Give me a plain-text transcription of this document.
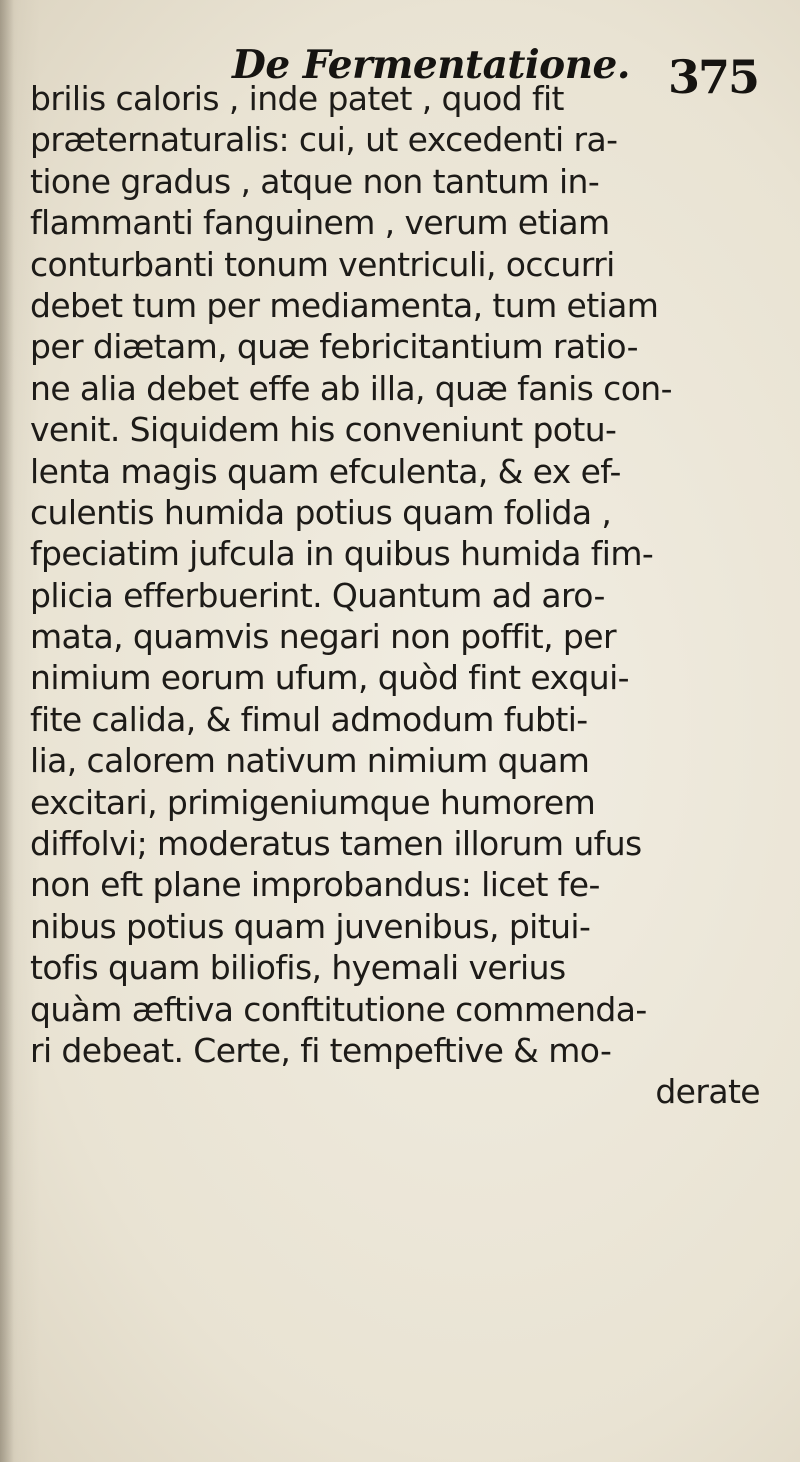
De Fermentatione. 375
brilis caloris , inde patet , quod fit
præternaturalis: cui, ut excedenti ra-
tione gradus , atque non tantum in-
flammanti fanguinem , verum etiam
conturbanti tonum ventriculi, occurri
debet tum per mediamenta, tum etiam
per diætam, quæ febricitantium ratio-
ne alia debet effe ab illa, quæ fanis con-
venit. Siquidem his conveniunt potu-
lenta magis quam efculenta, & ex ef-
culentis humida potius quam folida ,
fpeciatim jufcula in quibus humida fim-
plicia efferbuerint. Quantum ad aro-
mata, quamvis negari non poffit, per
nimium eorum ufum, quòd fint exqui-
fite calida, & fimul admodum fubti-
lia, calorem nativum nimium quam
excitari, primigeniumque humorem
diffolvi; moderatus tamen illorum ufus
non eft plane improbandus: licet fe-
nibus potius quam juvenibus, pitui-
tofis quam biliofis, hyemali verius
quàm æftiva conftitutione commenda-
ri debeat. Certe, fi tempeftive & mo-
derate
